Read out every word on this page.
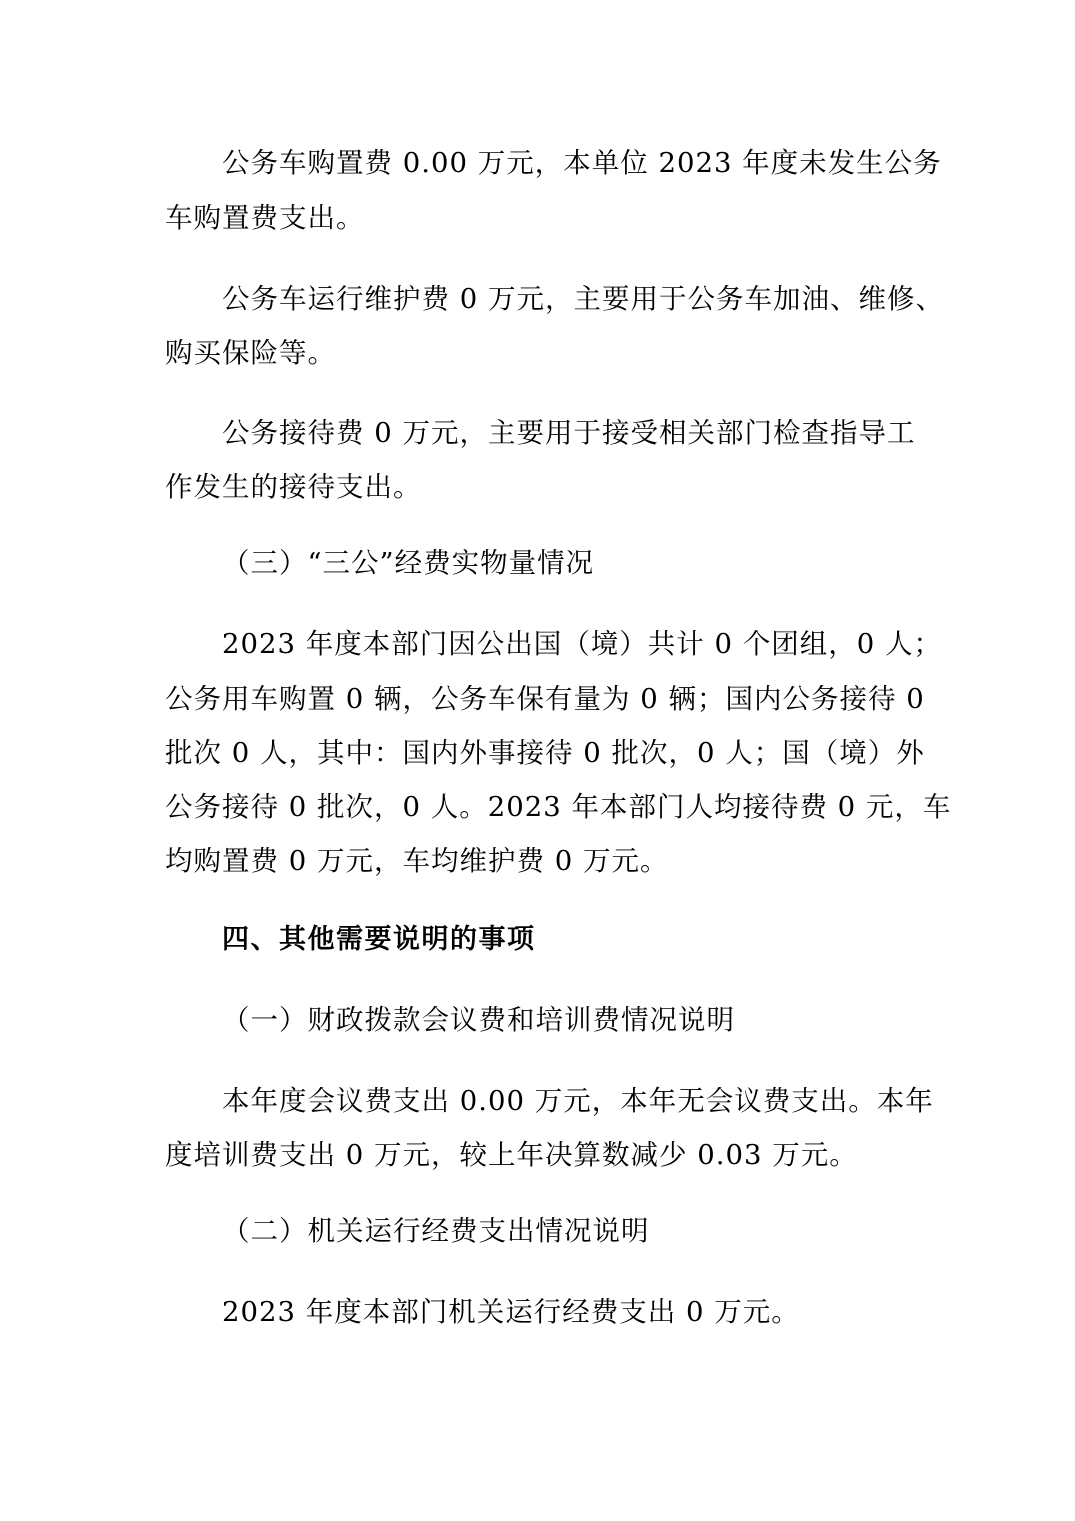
公务车购置费 0.00 万元，本单位 2023 年度未发生公务
车购置费支出。
公务车运行维护费 0 万元，主要用于公务车加油、维修、
购买保险等。
公务接待费 0 万元，主要用于接受相关部门检查指导工
作发生的接待支出。
（三）“三公”经费实物量情况
2023 年度本部门因公出国（境）共计 0 个团组，0 人；
公务用车购置 0 辆，公务车保有量为 0 辆；国内公务接待 0
批次 0 人，其中：国内外事接待 0 批次，0 人；国（境）外
公务接待 0 批次，0 人。2023 年本部门人均接待费 0 元，车
均购置费 0 万元，车均维护费 0 万元。
四、其他需要说明的事项
（一）财政拨款会议费和培训费情况说明
本年度会议费支出 0.00 万元，本年无会议费支出。本年
度培训费支出 0 万元，较上年决算数减少 0.03 万元。
（二）机关运行经费支出情况说明
2023 年度本部门机关运行经费支出 0 万元。
